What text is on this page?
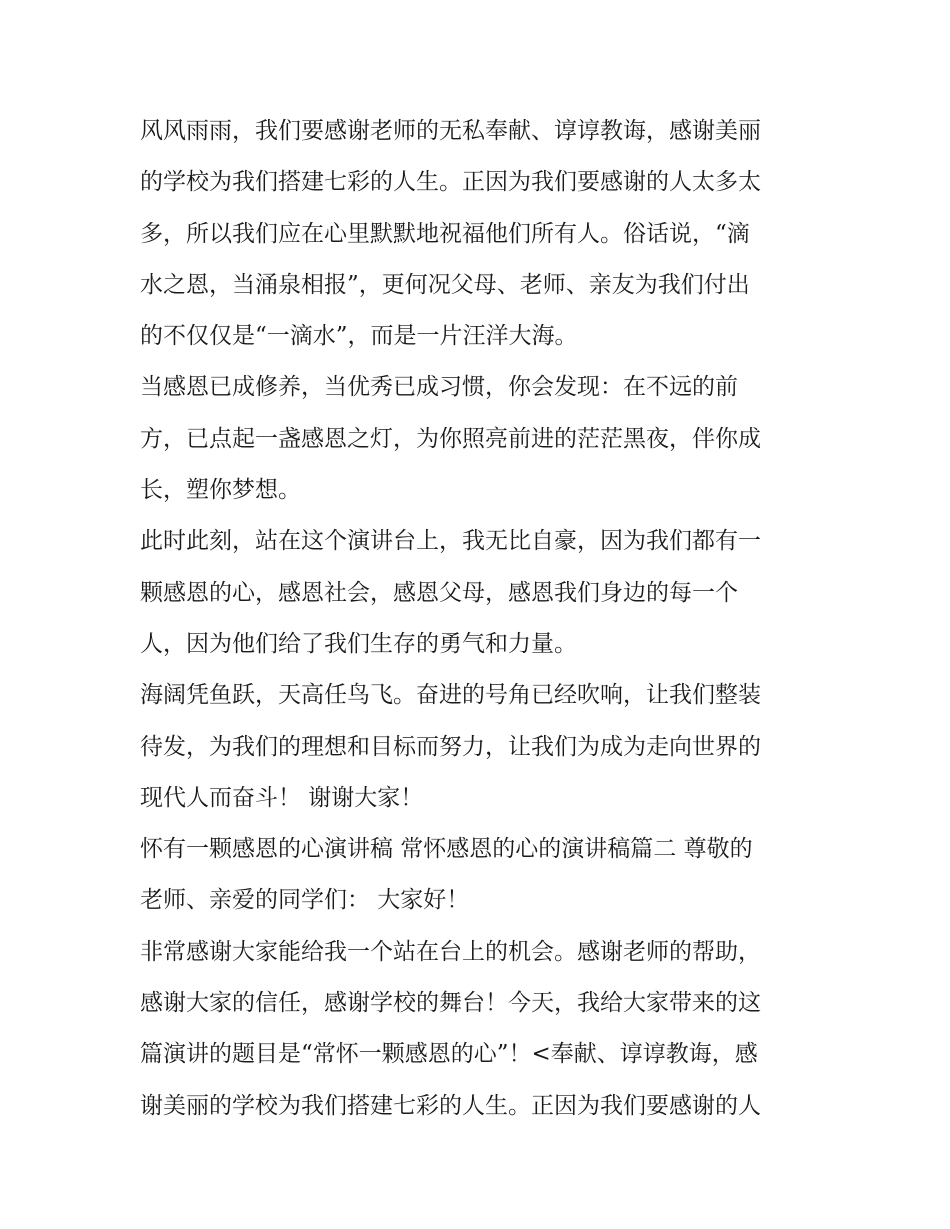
风风雨雨，我们要感谢老师的无私奉献、谆谆教诲，感谢美丽
的学校为我们搭建七彩的人生。正因为我们要感谢的人太多太
多，所以我们应在心里默默地祝福他们所有人。俗话说，“滴
水之恩，当涌泉相报”，更何况父母、老师、亲友为我们付出
的不仅仅是“一滴水”，而是一片汪洋大海。
当感恩已成修养，当优秀已成习惯，你会发现：在不远的前
方，已点起一盏感恩之灯，为你照亮前进的茫茫黑夜，伴你成
长，塑你梦想。
此时此刻，站在这个演讲台上，我无比自豪，因为我们都有一
颗感恩的心，感恩社会，感恩父母，感恩我们身边的每一个
人，因为他们给了我们生存的勇气和力量。
海阔凭鱼跃，天高任鸟飞。奋进的号角已经吹响，让我们整装
待发，为我们的理想和目标而努力，让我们为成为走向世界的
现代人而奋斗！ 谢谢大家！
怀有一颗感恩的心演讲稿 常怀感恩的心的演讲稿篇二 尊敬的
老师、亲爱的同学们： 大家好！
非常感谢大家能给我一个站在台上的机会。感谢老师的帮助，
感谢大家的信任，感谢学校的舞台！今天，我给大家带来的这
篇演讲的题目是“常怀一颗感恩的心”！<奉献、谆谆教诲，感
谢美丽的学校为我们搭建七彩的人生。正因为我们要感谢的人
